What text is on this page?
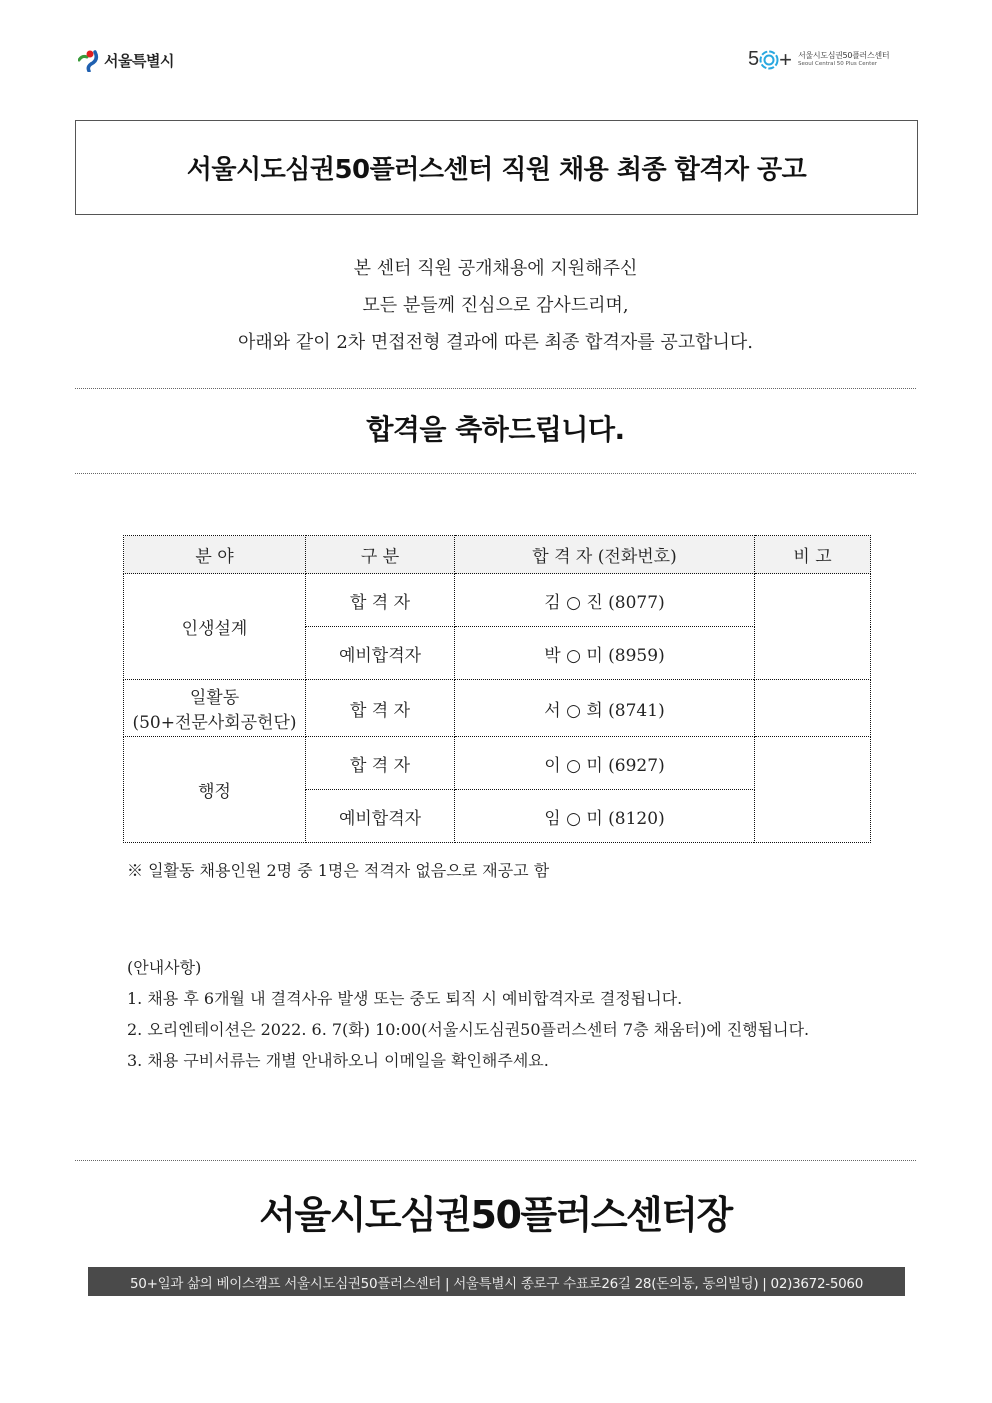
서울특별시	5 + 서울시도심권50플러스센터
Seoul Central 50 Plus Center
서울시도심권50플러스센터 직원 채용 최종 합격자 공고
본 센터 직원 공개채용에 지원해주신
모든 분들께 진심으로 감사드리며,
아래와 같이 2차 면접전형 결과에 따른 최종 합격자를 공고합니다.
합격을 축하드립니다.
분 야	구 분	합 격 자 (전화번호)	비 고
인생설계	합 격 자	김 ○ 진 (8077)	
	예비합격자	박 ○ 미 (8959)	

일활동
(50+전문사회공헌단)	합 격 자	서 ○ 희 (8741)	
행정	합 격 자	이 ○ 미 (6927)	
	예비합격자	임 ○ 미 (8120)	
※ 일활동 채용인원 2명 중 1명은 적격자 없음으로 재공고 함
(안내사항)
1. 채용 후 6개월 내 결격사유 발생 또는 중도 퇴직 시 예비합격자로 결정됩니다.
2. 오리엔테이션은 2022. 6. 7(화) 10:00(서울시도심권50플러스센터 7층 채움터)에 진행됩니다.
3. 채용 구비서류는 개별 안내하오니 이메일을 확인해주세요.
서울시도심권50플러스센터장
50+일과 삶의 베이스캠프 서울시도심권50플러스센터 | 서울특별시 종로구 수표로26길 28(돈의동, 동의빌딩) | 02)3672-5060
